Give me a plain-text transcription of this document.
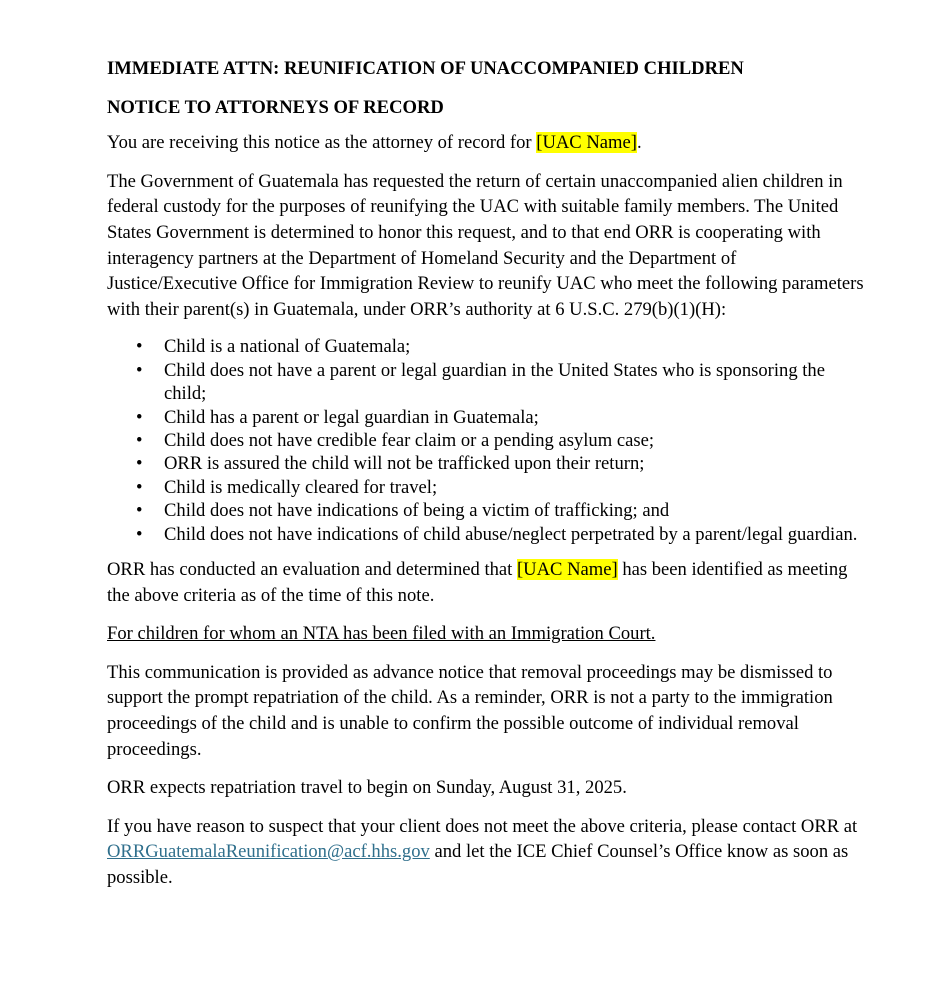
IMMEDIATE ATTN: REUNIFICATION OF UNACCOMPANIED CHILDREN

NOTICE TO ATTORNEYS OF RECORD

You are receiving this notice as the attorney of record for [UAC Name].

The Government of Guatemala has requested the return of certain unaccompanied alien children in federal custody for the purposes of reunifying the UAC with suitable family members. The United States Government is determined to honor this request, and to that end ORR is cooperating with interagency partners at the Department of Homeland Security and the Department of Justice/Executive Office for Immigration Review to reunify UAC who meet the following parameters with their parent(s) in Guatemala, under ORR’s authority at 6 U.S.C. 279(b)(1)(H):

• Child is a national of Guatemala;
• Child does not have a parent or legal guardian in the United States who is sponsoring the child;
• Child has a parent or legal guardian in Guatemala;
• Child does not have credible fear claim or a pending asylum case;
• ORR is assured the child will not be trafficked upon their return;
• Child is medically cleared for travel;
• Child does not have indications of being a victim of trafficking; and
• Child does not have indications of child abuse/neglect perpetrated by a parent/legal guardian.

ORR has conducted an evaluation and determined that [UAC Name] has been identified as meeting the above criteria as of the time of this note.

For children for whom an NTA has been filed with an Immigration Court.

This communication is provided as advance notice that removal proceedings may be dismissed to support the prompt repatriation of the child. As a reminder, ORR is not a party to the immigration proceedings of the child and is unable to confirm the possible outcome of individual removal proceedings.

ORR expects repatriation travel to begin on Sunday, August 31, 2025.

If you have reason to suspect that your client does not meet the above criteria, please contact ORR at ORRGuatemalaReunification@acf.hhs.gov and let the ICE Chief Counsel’s Office know as soon as possible.
